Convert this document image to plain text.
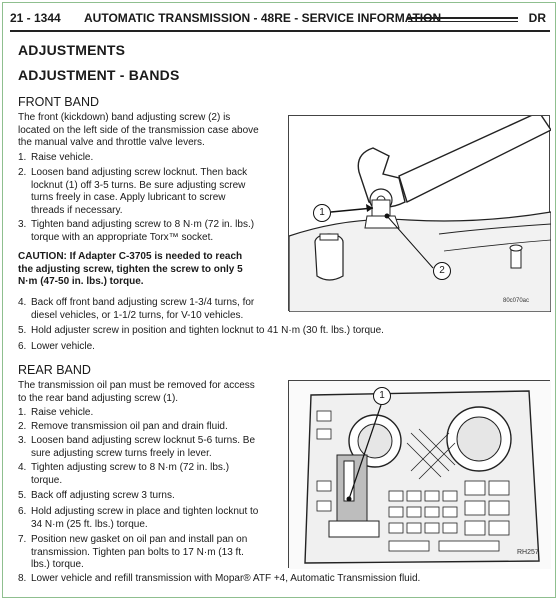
21 - 1344 AUTOMATIC TRANSMISSION - 48RE - SERVICE INFORMATION	DR
ADJUSTMENTS
ADJUSTMENT - BANDS
FRONT BAND
The front (kickdown) band adjusting screw (2) is
located on the left side of the transmission case above
the manual valve and throttle valve levers.
1. Raise vehicle.
2. Loosen band adjusting screw locknut. Then back
locknut (1) off 3-5 turns. Be sure adjusting screw
turns freely in case. Apply lubricant to screw
threads if necessary.
3. Tighten band adjusting screw to 8 N·m (72 in. lbs.)
torque with an appropriate Torx™ socket.
CAUTION: If Adapter C-3705 is needed to reach
the adjusting screw, tighten the screw to only 5
N·m (47-50 in. lbs.) torque.
4. Back off front band adjusting screw 1-3/4 turns, for
diesel vehicles, or 1-1/2 turns, for V-10 vehicles.
5. Hold adjuster screw in position and tighten locknut to 41 N·m (30 ft. lbs.) torque.
6. Lower vehicle.
1
2
80c070ac
REAR BAND
The transmission oil pan must be removed for access
to the rear band adjusting screw (1).
1. Raise vehicle.
2. Remove transmission oil pan and drain fluid.
3. Loosen band adjusting screw locknut 5-6 turns. Be
sure adjusting screw turns freely in lever.
4. Tighten adjusting screw to 8 N·m (72 in. lbs.)
torque.
5. Back off adjusting screw 3 turns.
6. Hold adjusting screw in place and tighten locknut to
34 N·m (25 ft. lbs.) torque.
7. Position new gasket on oil pan and install pan on
transmission. Tighten pan bolts to 17 N·m (13 ft.
lbs.) torque.
8. Lower vehicle and refill transmission with Mopar® ATF +4, Automatic Transmission fluid.
1
RH257
